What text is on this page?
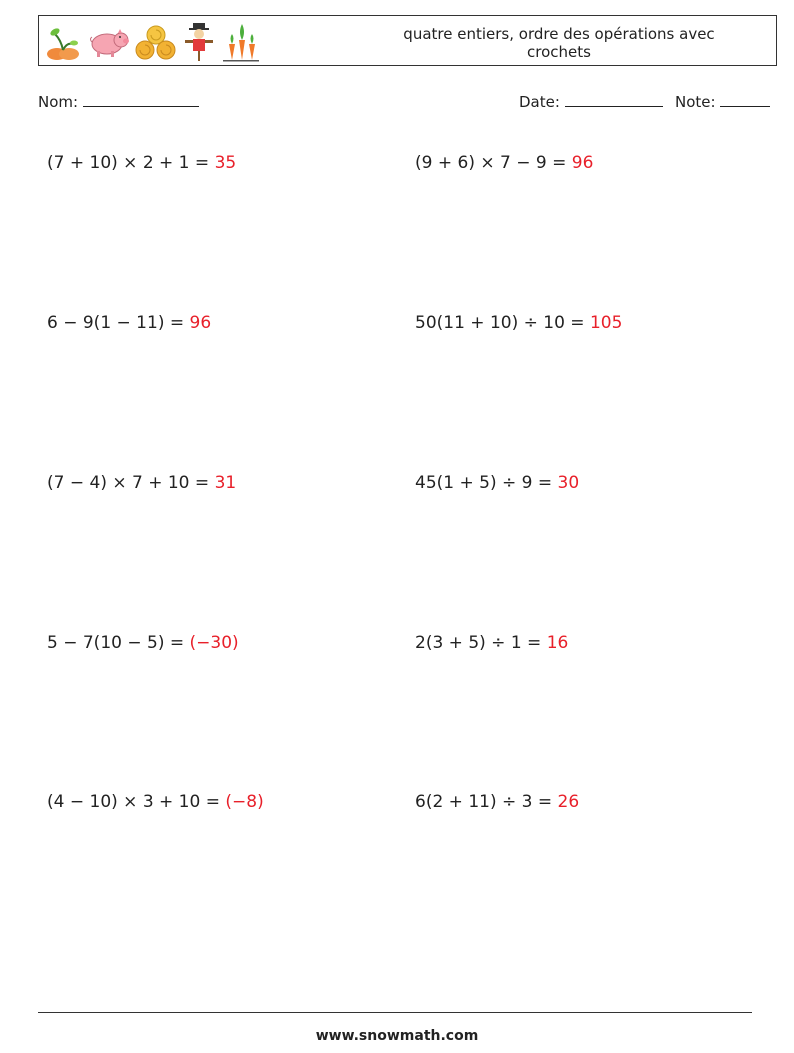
quatre entiers, ordre des opérations avec crochets
Nom:	Date:	Note:
(7 + 10) × 2 + 1 = 35	(9 + 6) × 7 − 9 = 96
6 − 9(1 − 11) = 96	50(11 + 10) ÷ 10 = 105
(7 − 4) × 7 + 10 = 31	45(1 + 5) ÷ 9 = 30
5 − 7(10 − 5) = (−30)	2(3 + 5) ÷ 1 = 16
(4 − 10) × 3 + 10 = (−8)	6(2 + 11) ÷ 3 = 26
www.snowmath.com
